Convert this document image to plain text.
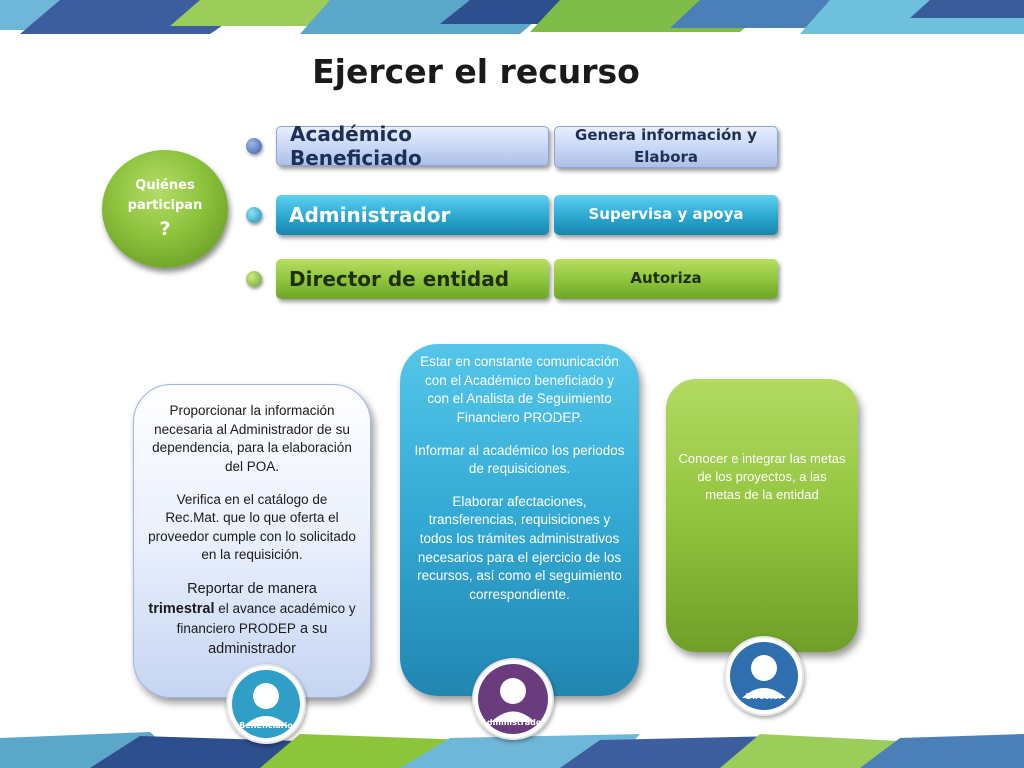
Ejercer el recurso
Quiénes
participan
?
Académico Beneficiado
Administrador
Director de entidad
Genera información y Elabora
Supervisa y apoya
Autoriza

Proporcionar la información necesaria al Administrador de su dependencia, para la elaboración del POA.

Verifica en el catálogo de Rec.Mat. que lo que oferta el proveedor cumple con lo solicitado en la requisición.

Reportar de manera
trimestral el avance académico y financiero PRODEP a su administrador

Estar en constante comunicación con el Académico beneficiado y con el Analista de Seguimiento Financiero PRODEP.

Informar al académico los periodos de requisiciones.

Elaborar afectaciones, transferencias, requisiciones y todos los trámites administrativos necesarios para el ejercicio de los recursos, así como el seguimiento correspondiente.

Conocer e integrar las metas de los proyectos, a las metas de la entidad

Beneficiario	Administrador
Director
